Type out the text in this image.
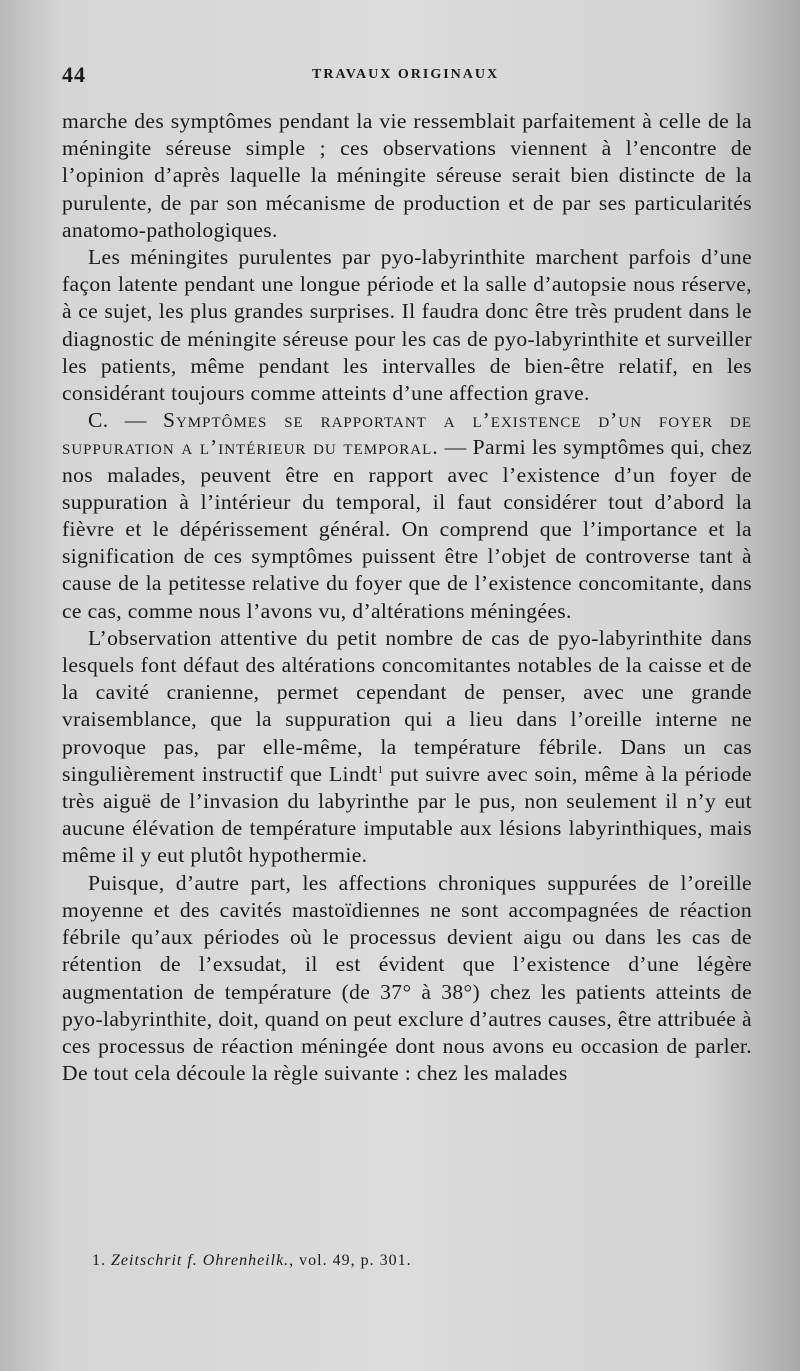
44	TRAVAUX ORIGINAUX

marche des symptômes pendant la vie ressemblait parfaitement à celle de la méningite séreuse simple ; ces observations viennent à l’encontre de l’opinion d’après laquelle la méningite séreuse serait bien distincte de la purulente, de par son mécanisme de production et de par ses particularités anatomo-pathologiques.

Les méningites purulentes par pyo-labyrinthite marchent parfois d’une façon latente pendant une longue période et la salle d’autopsie nous réserve, à ce sujet, les plus grandes surprises. Il faudra donc être très prudent dans le diagnostic de méningite séreuse pour les cas de pyo-labyrinthite et surveiller les patients, même pendant les intervalles de bien-être relatif, en les considérant toujours comme atteints d’une affection grave.

C. — Symptômes se rapportant a l’existence d’un foyer de suppuration a l’intérieur du temporal. — Parmi les symptômes qui, chez nos malades, peuvent être en rapport avec l’existence d’un foyer de suppuration à l’intérieur du temporal, il faut considérer tout d’abord la fièvre et le dépérissement général. On comprend que l’importance et la signification de ces symptômes puissent être l’objet de controverse tant à cause de la petitesse relative du foyer que de l’existence concomitante, dans ce cas, comme nous l’avons vu, d’altérations méningées.

L’observation attentive du petit nombre de cas de pyo-labyrinthite dans lesquels font défaut des altérations concomitantes notables de la caisse et de la cavité cranienne, permet cependant de penser, avec une grande vraisemblance, que la suppuration qui a lieu dans l’oreille interne ne provoque pas, par elle-même, la température fébrile. Dans un cas singulièrement instructif que Lindt$^1$ put suivre avec soin, même à la période très aiguë de l’invasion du labyrinthe par le pus, non seulement il n’y eut aucune élévation de température imputable aux lésions labyrinthiques, mais même il y eut plutôt hypothermie.

Puisque, d’autre part, les affections chroniques suppurées de l’oreille moyenne et des cavités mastoïdiennes ne sont accompagnées de réaction fébrile qu’aux périodes où le processus devient aigu ou dans les cas de rétention de l’exsudat, il est évident que l’existence d’une légère augmentation de température (de 37° à 38°) chez les patients atteints de pyo-labyrinthite, doit, quand on peut exclure d’autres causes, être attribuée à ces processus de réaction méningée dont nous avons eu occasion de parler. De tout cela découle la règle suivante : chez les malades

1. Zeitschrit f. Ohrenheilk., vol. 49, p. 301.
